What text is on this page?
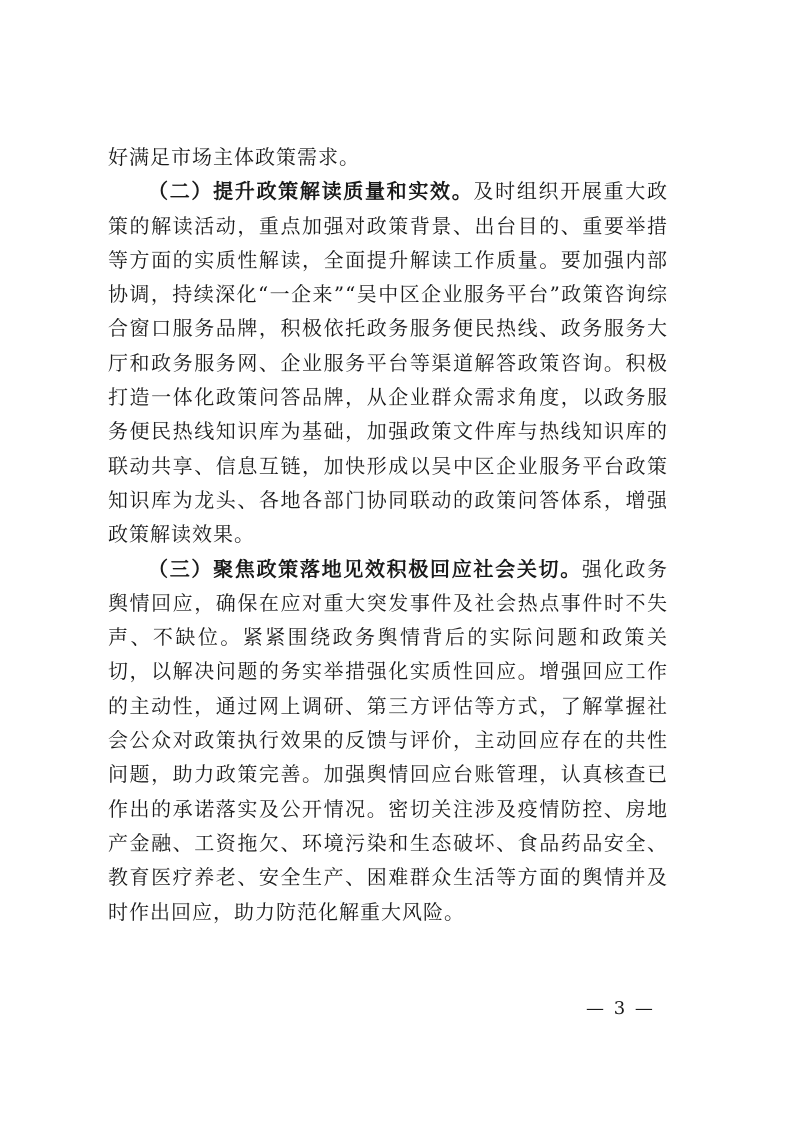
好满足市场主体政策需求。

（二）提升政策解读质量和实效。及时组织开展重大政策的解读活动，重点加强对政策背景、出台目的、重要举措等方面的实质性解读，全面提升解读工作质量。要加强内部协调，持续深化“一企来”“吴中区企业服务平台”政策咨询综合窗口服务品牌，积极依托政务服务便民热线、政务服务大厅和政务服务网、企业服务平台等渠道解答政策咨询。积极打造一体化政策问答品牌，从企业群众需求角度，以政务服务便民热线知识库为基础，加强政策文件库与热线知识库的联动共享、信息互链，加快形成以吴中区企业服务平台政策知识库为龙头、各地各部门协同联动的政策问答体系，增强政策解读效果。

（三）聚焦政策落地见效积极回应社会关切。强化政务舆情回应，确保在应对重大突发事件及社会热点事件时不失声、不缺位。紧紧围绕政务舆情背后的实际问题和政策关切，以解决问题的务实举措强化实质性回应。增强回应工作的主动性，通过网上调研、第三方评估等方式，了解掌握社会公众对政策执行效果的反馈与评价，主动回应存在的共性问题，助力政策完善。加强舆情回应台账管理，认真核查已作出的承诺落实及公开情况。密切关注涉及疫情防控、房地产金融、工资拖欠、环境污染和生态破坏、食品药品安全、教育医疗养老、安全生产、困难群众生活等方面的舆情并及时作出回应，助力防范化解重大风险。

— 3 —
